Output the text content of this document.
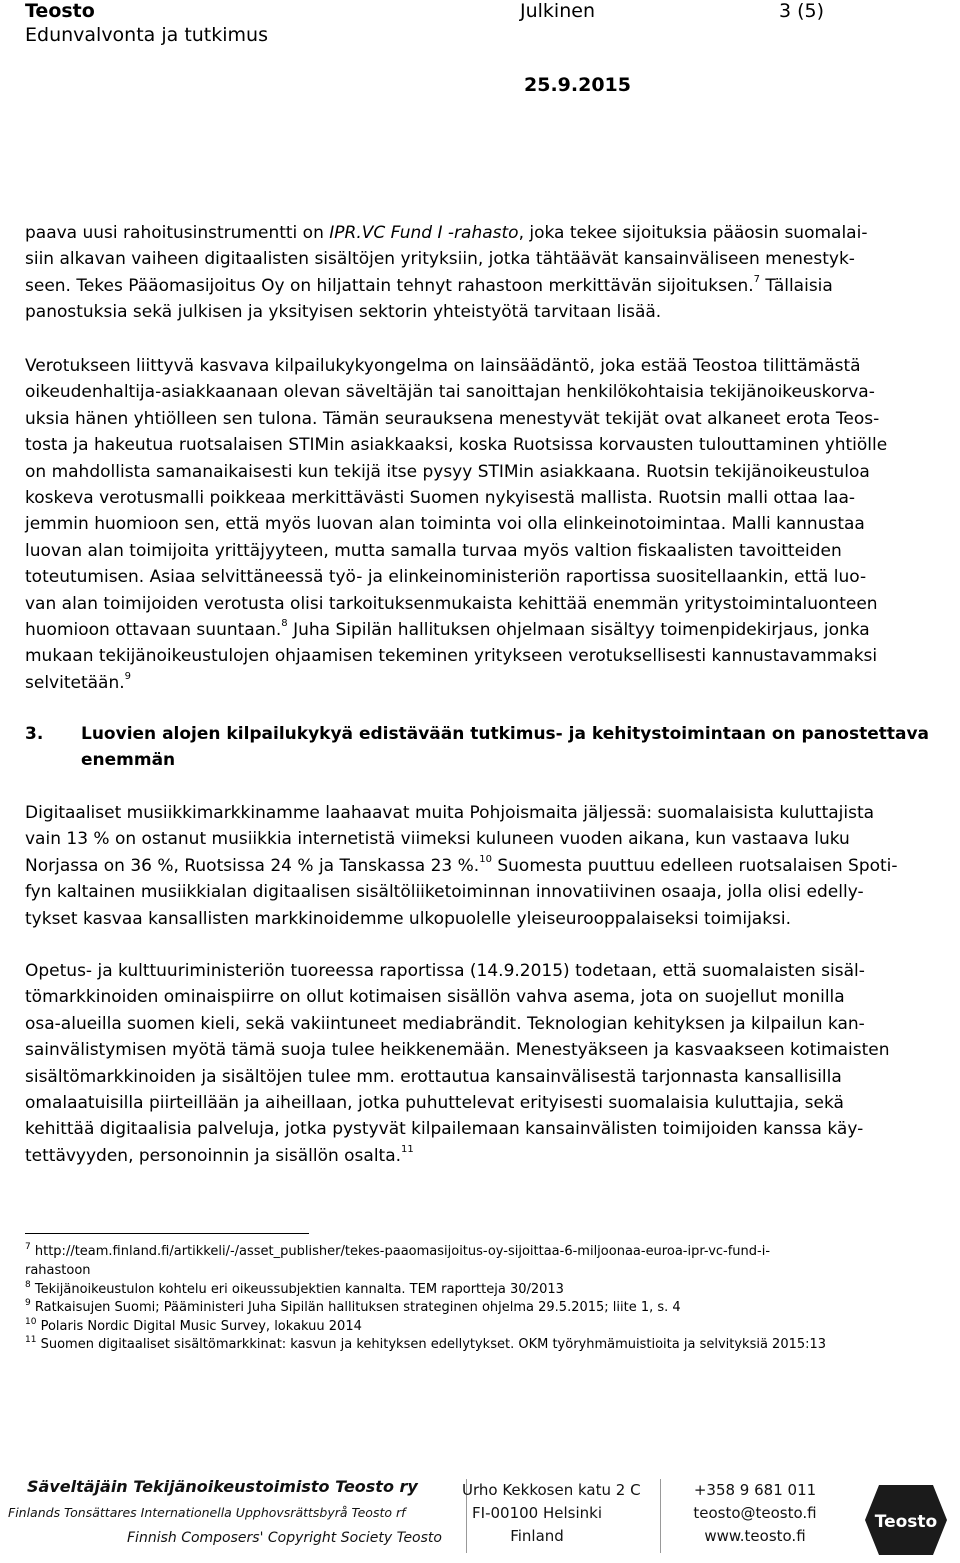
Teosto
Edunvalvonta ja tutkimus
Julkinen	3 (5)
25.9.2015
paava uusi rahoitusinstrumentti on IPR.VC Fund I -rahasto, joka tekee sijoituksia pääosin suomalai-
siin alkavan vaiheen digitaalisten sisältöjen yrityksiin, jotka tähtäävät kansainväliseen menestyk-
seen. Tekes Pääomasijoitus Oy on hiljattain tehnyt rahastoon merkittävän sijoituksen.$^7$ Tällaisia
panostuksia sekä julkisen ja yksityisen sektorin yhteistyötä tarvitaan lisää.
Verotukseen liittyvä kasvava kilpailukykyongelma on lainsäädäntö, joka estää Teostoa tilittämästä
oikeudenhaltija-asiakkaanaan olevan säveltäjän tai sanoittajan henkilökohtaisia tekijänoikeuskorva-
uksia hänen yhtiölleen sen tulona. Tämän seurauksena menestyvät tekijät ovat alkaneet erota Teos-
tosta ja hakeutua ruotsalaisen STIMin asiakkaaksi, koska Ruotsissa korvausten tulouttaminen yhtiölle
on mahdollista samanaikaisesti kun tekijä itse pysyy STIMin asiakkaana. Ruotsin tekijänoikeustuloa
koskeva verotusmalli poikkeaa merkittävästi Suomen nykyisestä mallista. Ruotsin malli ottaa laa-
jemmin huomioon sen, että myös luovan alan toiminta voi olla elinkeinotoimintaa. Malli kannustaa
luovan alan toimijoita yrittäjyyteen, mutta samalla turvaa myös valtion fiskaalisten tavoitteiden
toteutumisen. Asiaa selvittäneessä työ- ja elinkeinoministeriön raportissa suositellaankin, että luo-
van alan toimijoiden verotusta olisi tarkoituksenmukaista kehittää enemmän yritystoimintaluonteen
huomioon ottavaan suuntaan.$^8$ Juha Sipilän hallituksen ohjelmaan sisältyy toimenpidekirjaus, jonka
mukaan tekijänoikeustulojen ohjaamisen tekeminen yritykseen verotuksellisesti kannustavammaksi
selvitetään.$^9$
3. Luovien alojen kilpailukykyä edistävään tutkimus- ja kehitystoimintaan on panostettava
enemmän
Digitaaliset musiikkimarkkinamme laahaavat muita Pohjoismaita jäljessä: suomalaisista kuluttajista
vain 13 % on ostanut musiikkia internetistä viimeksi kuluneen vuoden aikana, kun vastaava luku
Norjassa on 36 %, Ruotsissa 24 % ja Tanskassa 23 %.$^{10}$ Suomesta puuttuu edelleen ruotsalaisen Spoti-
fyn kaltainen musiikkialan digitaalisen sisältöliiketoiminnan innovatiivinen osaaja, jolla olisi edelly-
tykset kasvaa kansallisten markkinoidemme ulkopuolelle yleiseurooppalaiseksi toimijaksi.
Opetus- ja kulttuuriministeriön tuoreessa raportissa (14.9.2015) todetaan, että suomalaisten sisäl-
tömarkkinoiden ominaispiirre on ollut kotimaisen sisällön vahva asema, jota on suojellut monilla
osa-alueilla suomen kieli, sekä vakiintuneet mediabrändit. Teknologian kehityksen ja kilpailun kan-
sainvälistymisen myötä tämä suoja tulee heikkenemään. Menestyäkseen ja kasvaakseen kotimaisten
sisältömarkkinoiden ja sisältöjen tulee mm. erottautua kansainvälisestä tarjonnasta kansallisilla
omalaatuisilla piirteillään ja aiheillaan, jotka puhuttelevat erityisesti suomalaisia kuluttajia, sekä
kehittää digitaalisia palveluja, jotka pystyvät kilpailemaan kansainvälisten toimijoiden kanssa käy-
tettävyyden, personoinnin ja sisällön osalta.$^{11}$
$^7$ http://team.finland.fi/artikkeli/-/asset_publisher/tekes-paaomasijoitus-oy-sijoittaa-6-miljoonaa-euroa-ipr-vc-fund-i-
rahastoon
$^8$ Tekijänoikeustulon kohtelu eri oikeussubjektien kannalta. TEM raportteja 30/2013
$^9$ Ratkaisujen Suomi; Pääministeri Juha Sipilän hallituksen strateginen ohjelma 29.5.2015; liite 1, s. 4
$^{10}$ Polaris Nordic Digital Music Survey, lokakuu 2014
$^{11}$ Suomen digitaaliset sisältömarkkinat: kasvun ja kehityksen edellytykset. OKM työryhmämuistioita ja selvityksiä 2015:13
Säveltäjäin Tekijänoikeustoimisto Teosto ry
Finlands Tonsättares Internationella Upphovsrättsbyrå Teosto rf
Finnish Composers' Copyright Society Teosto
Urho Kekkosen katu 2 C
FI-00100 Helsinki
Finland
+358 9 681 011
teosto@teosto.fi
www.teosto.fi
Teosto
